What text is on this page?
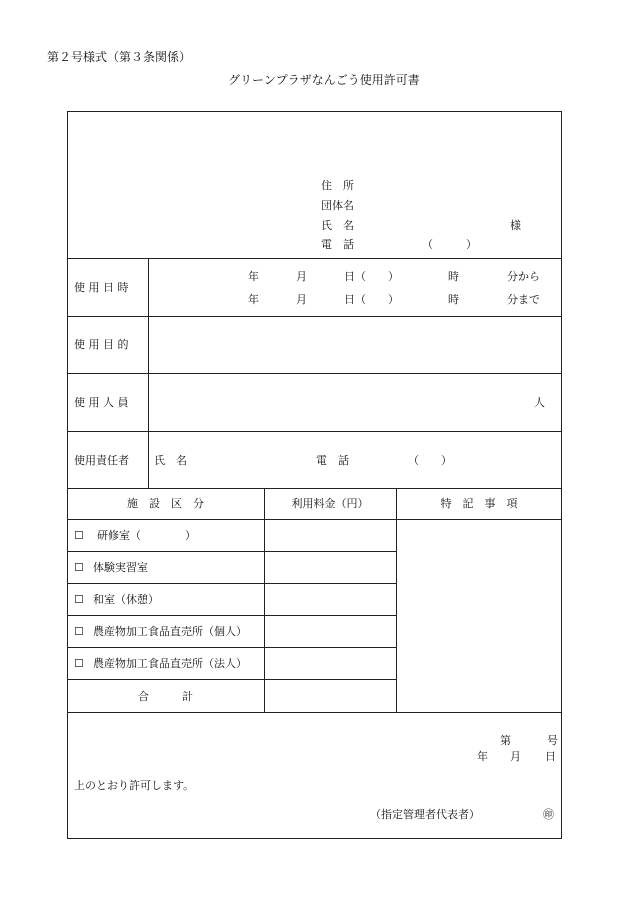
第２号様式（第３条関係）
グリーンプラザなんごう使用許可書
住　所
団体名
氏　名	様
電　話	（　　　）
使 用 日 時
年	月	日（　　）	時	分から
年	月	日（　　）	時	分まで
使 用 目 的
使 用 人 員	人
使用責任者 氏　名	電　話	（　　）
施　設　区　分	利用料金（円）	特　記　事　項
☐ 研修室（　　　　）
☐ 体験実習室
☐ 和室（休憩）
☐ 農産物加工食品直売所（個人）
☐ 農産物加工食品直売所（法人）
合　　　計
第	号
年 月 日
上のとおり許可します。
（指定管理者代表者）	㊞
